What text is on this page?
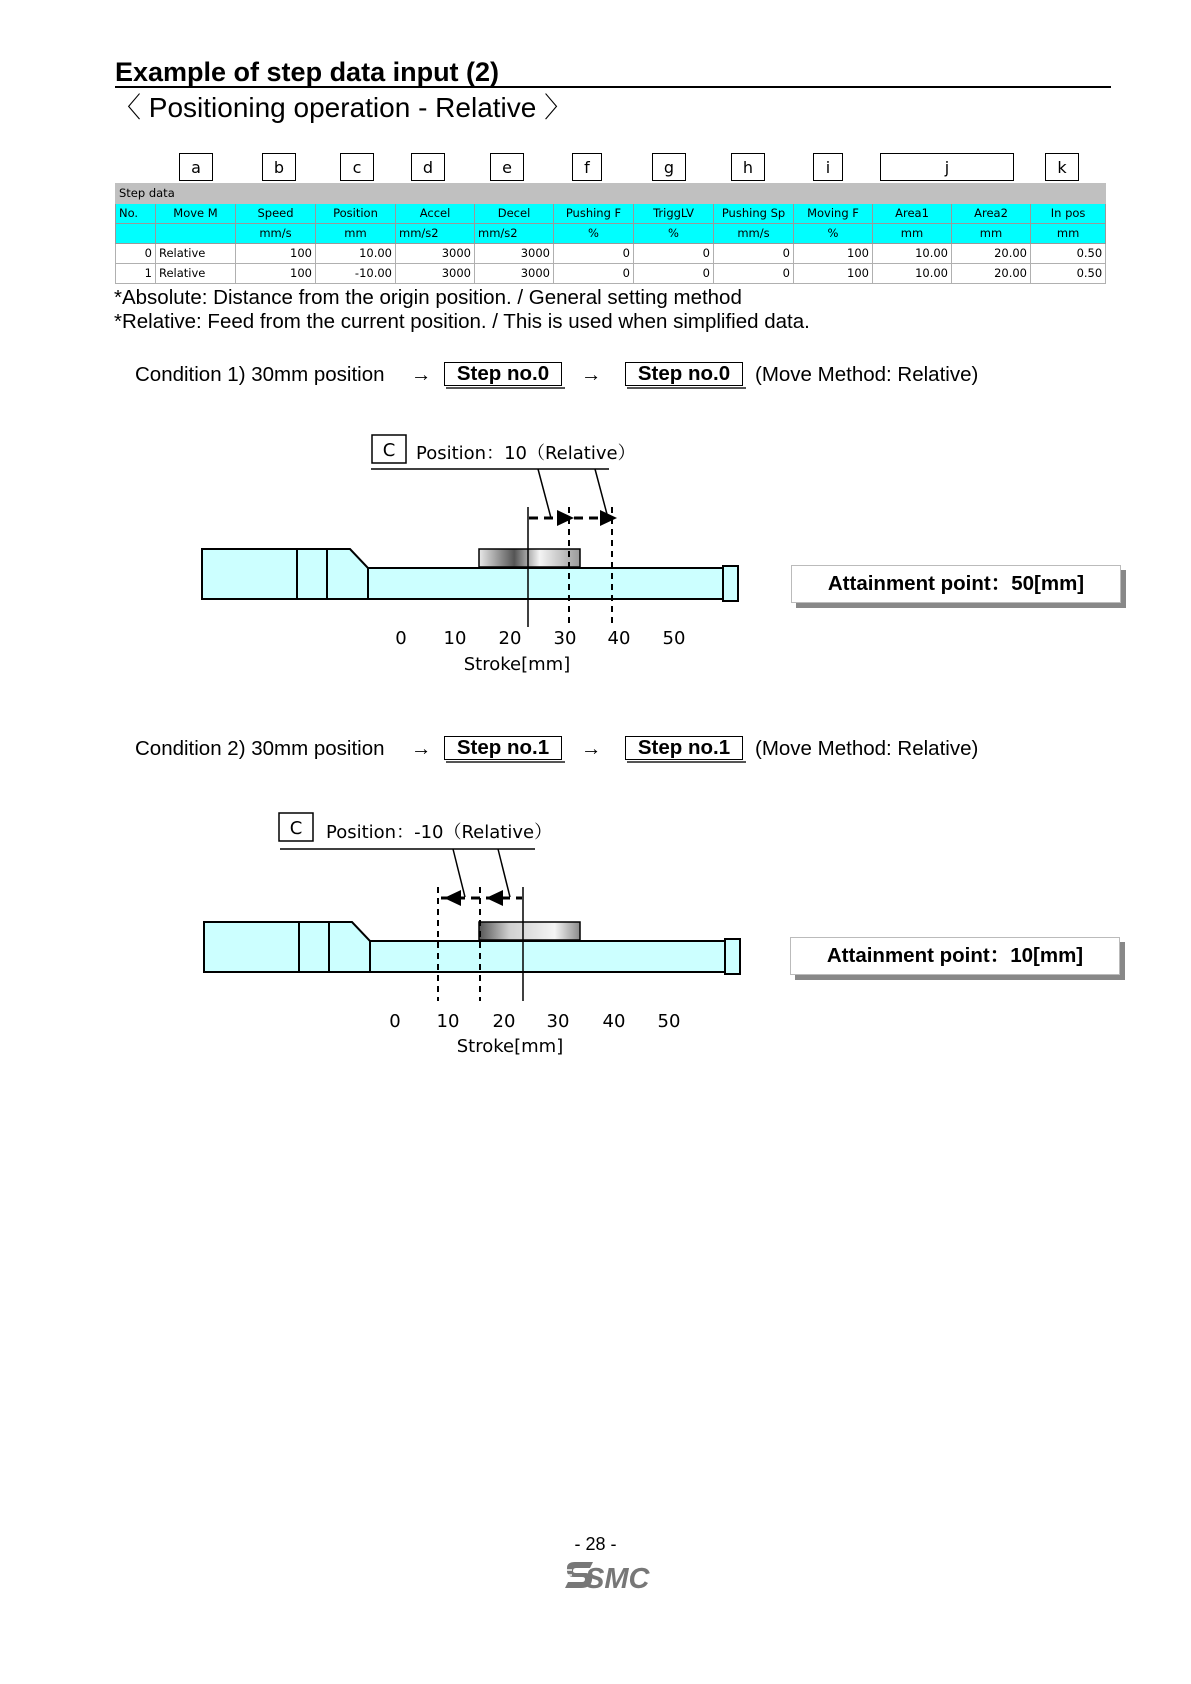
Example of step data input (2)
〈 Positioning operation - Relative 〉
a	b	c	d	e	f	g	h	i	j	k
Step data												
No.	Move M	Speed	Position	Accel	Decel	Pushing F	TriggLV	Pushing Sp	Moving F	Area1	Area2	In pos
		mm/s	mm	mm/s2	mm/s2	%	%	mm/s	%	mm	mm	mm
0	Relative	100	10.00	3000	3000	0	0	0	100	10.00	20.00	0.50
1	Relative	100	-10.00	3000	3000	0	0	0	100	10.00	20.00	0.50
*Absolute: Distance from the origin position. / General setting method
*Relative: Feed from the current position. / This is used when simplified data.
Condition 1) 30mm position →	Step no.0	→	Step no.0	(Move Method: Relative)
C Position：10（Relative）
0 10 20 30 40 50
Stroke[mm]
Attainment point：50[mm]
Condition 2) 30mm position →	Step no.1	→	Step no.1	(Move Method: Relative)
C Position：-10（Relative）
0 10 20 30 40 50
Stroke[mm]
Attainment point：10[mm]
- 28 -
SMC
